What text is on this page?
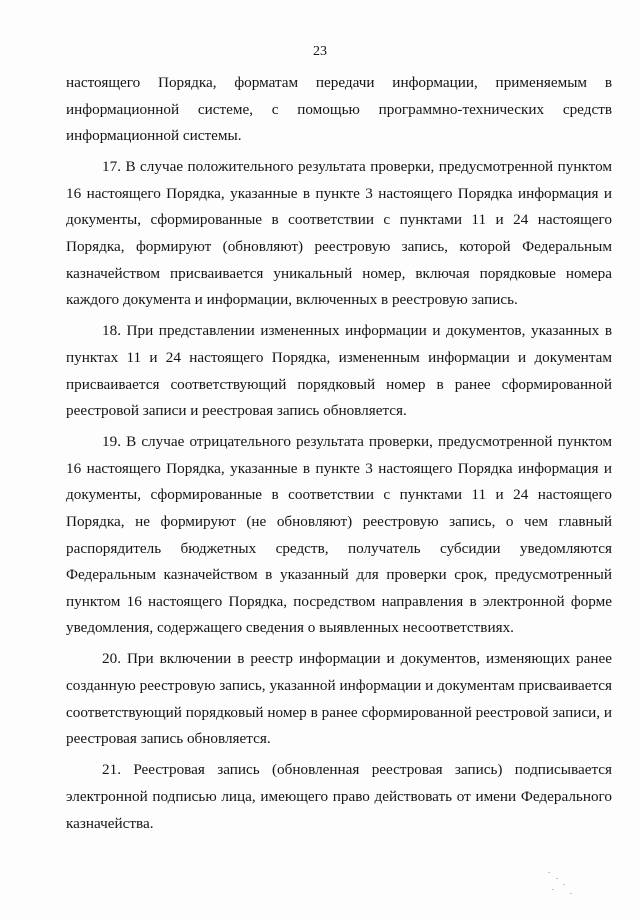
23

настоящего Порядка, форматам передачи информации, применяемым в информационной системе, с помощью программно-технических средств информационной системы.

17. В случае положительного результата проверки, предусмотренной пунктом 16 настоящего Порядка, указанные в пункте 3 настоящего Порядка информация и документы, сформированные в соответствии с пунктами 11 и 24 настоящего Порядка, формируют (обновляют) реестровую запись, которой Федеральным казначейством присваивается уникальный номер, включая порядковые номера каждого документа и информации, включенных в реестровую запись.

18. При представлении измененных информации и документов, указанных в пунктах 11 и 24 настоящего Порядка, измененным информации и документам присваивается соответствующий порядковый номер в ранее сформированной реестровой записи и реестровая запись обновляется.

19. В случае отрицательного результата проверки, предусмотренной пунктом 16 настоящего Порядка, указанные в пункте 3 настоящего Порядка информация и документы, сформированные в соответствии с пунктами 11 и 24 настоящего Порядка, не формируют (не обновляют) реестровую запись, о чем главный распорядитель бюджетных средств, получатель субсидии уведомляются Федеральным казначейством в указанный для проверки срок, предусмотренный пунктом 16 настоящего Порядка, посредством направления в электронной форме уведомления, содержащего сведения о выявленных несоответствиях.

20. При включении в реестр информации и документов, изменяющих ранее созданную реестровую запись, указанной информации и документам присваивается соответствующий порядковый номер в ранее сформированной реестровой записи, и реестровая запись обновляется.

21. Реестровая запись (обновленная реестровая запись) подписывается электронной подписью лица, имеющего право действовать от имени Федерального казначейства.
